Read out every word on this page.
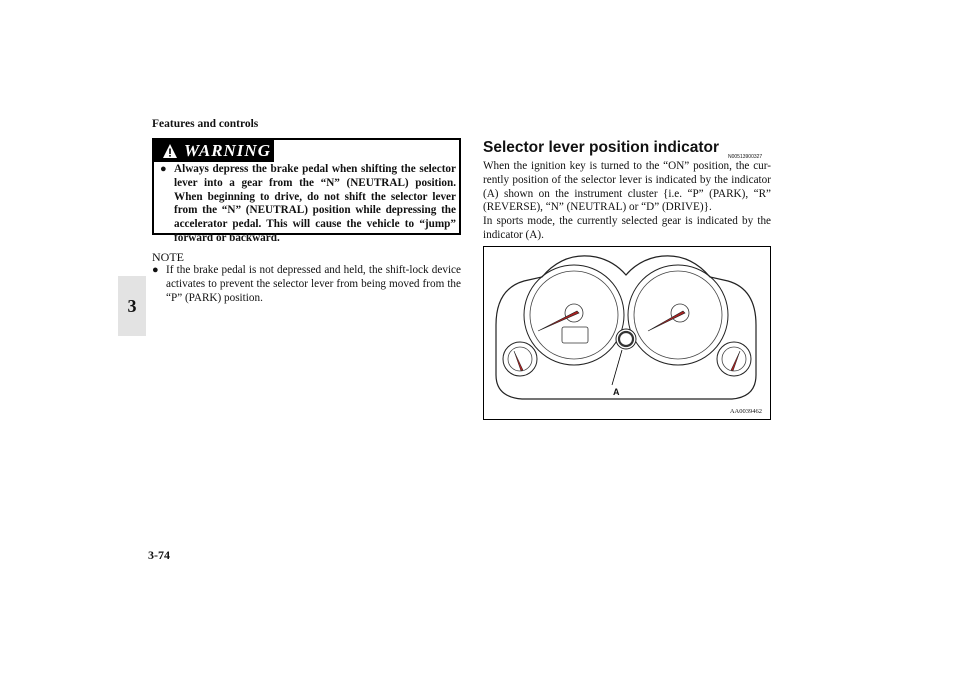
Features and controls
3
WARNING
● Always depress the brake pedal when shifting the selector lever into a gear from the “N” (NEUTRAL) position. When beginning to drive, do not shift the selector lever from the “N” (NEUTRAL) position while depressing the accelerator pedal. This will cause the vehicle to “jump” forward or backward.
NOTE
● If the brake pedal is not depressed and held, the shift-lock device activates to prevent the selector lever from being moved from the “P” (PARK) position.
Selector lever position indicator
N00513900327

When the ignition key is turned to the “ON” position, the cur-rently position of the selector lever is indicated by the indicator (A) shown on the instrument cluster {i.e. “P” (PARK), “R” (REVERSE), “N” (NEUTRAL) or “D” (DRIVE)}.

In sports mode, the currently selected gear is indicated by the indicator (A).

A
AA0039462
3-74
